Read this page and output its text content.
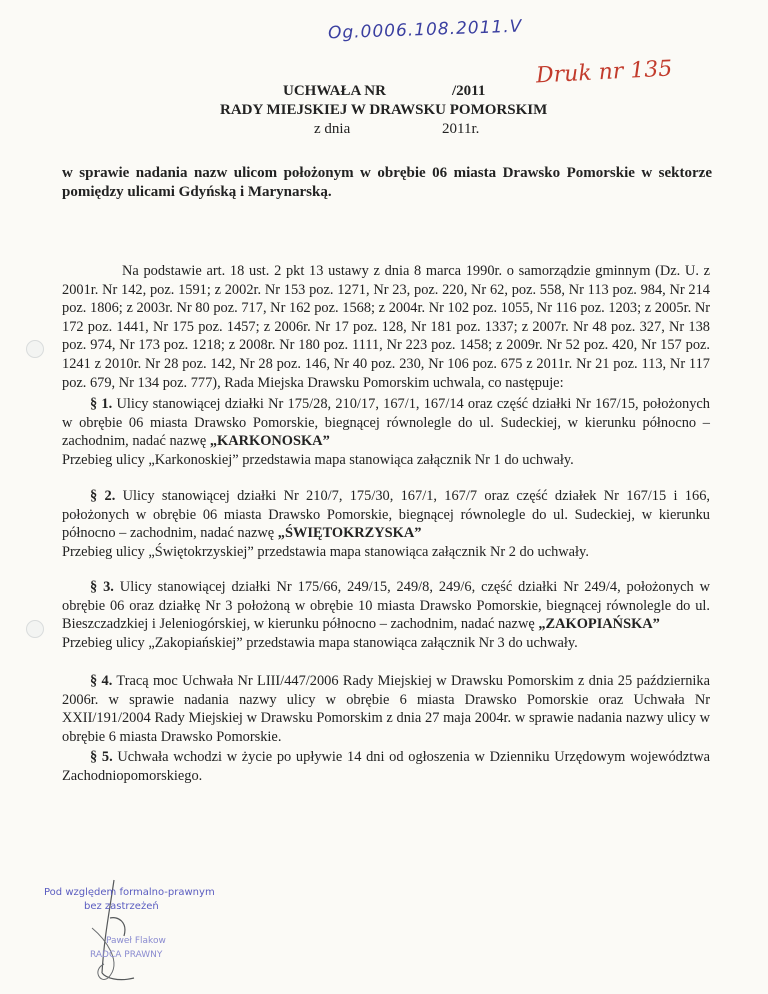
Og.0006.108.2011.V
Druk nr 135
UCHWAŁA NR	/2011
RADY MIEJSKIEJ W DRAWSKU POMORSKIM
z dnia	2011r.
w sprawie nadania nazw ulicom położonym w obrębie 06 miasta Drawsko Pomorskie w sektorze pomiędzy ulicami Gdyńską i Marynarską.
Na podstawie art. 18 ust. 2 pkt 13 ustawy z dnia 8 marca 1990r. o samorządzie gminnym (Dz. U. z 2001r. Nr 142, poz. 1591; z 2002r. Nr 153 poz. 1271, Nr 23, poz. 220, Nr 62, poz. 558, Nr 113 poz. 984, Nr 214 poz. 1806; z 2003r. Nr 80 poz. 717, Nr 162 poz. 1568; z 2004r. Nr 102 poz. 1055, Nr 116 poz. 1203; z 2005r. Nr 172 poz. 1441, Nr 175 poz. 1457; z 2006r. Nr 17 poz. 128, Nr 181 poz. 1337; z 2007r. Nr 48 poz. 327, Nr 138 poz. 974, Nr 173 poz. 1218; z 2008r. Nr 180 poz. 1111, Nr 223 poz. 1458; z 2009r. Nr 52 poz. 420, Nr 157 poz. 1241 z 2010r. Nr 28 poz. 142, Nr 28 poz. 146, Nr 40 poz. 230, Nr 106 poz. 675 z 2011r. Nr 21 poz. 113, Nr 117 poz. 679, Nr 134 poz. 777), Rada Miejska Drawsku Pomorskim uchwala, co następuje:
§ 1. Ulicy stanowiącej działki Nr 175/28, 210/17, 167/1, 167/14 oraz część działki Nr 167/15, położonych w obrębie 06 miasta Drawsko Pomorskie, biegnącej równolegle do ul. Sudeckiej, w kierunku północno – zachodnim, nadać nazwę „KARKONOSKA”
Przebieg ulicy „Karkonoskiej” przedstawia mapa stanowiąca załącznik Nr 1 do uchwały.
§ 2. Ulicy stanowiącej działki Nr 210/7, 175/30, 167/1, 167/7 oraz część działek Nr 167/15 i 166, położonych w obrębie 06 miasta Drawsko Pomorskie, biegnącej równolegle do ul. Sudeckiej, w kierunku północno – zachodnim, nadać nazwę „ŚWIĘTOKRZYSKA”
Przebieg ulicy „Świętokrzyskiej” przedstawia mapa stanowiąca załącznik Nr 2 do uchwały.
§ 3. Ulicy stanowiącej działki Nr 175/66, 249/15, 249/8, 249/6, część działki Nr 249/4, położonych w obrębie 06 oraz działkę Nr 3 położoną w obrębie 10 miasta Drawsko Pomorskie, biegnącej równolegle do ul. Bieszczadzkiej i Jeleniogórskiej, w kierunku północno – zachodnim, nadać nazwę „ZAKOPIAŃSKA”
Przebieg ulicy „Zakopiańskiej” przedstawia mapa stanowiąca załącznik Nr 3 do uchwały.
§ 4. Tracą moc Uchwała Nr LIII/447/2006 Rady Miejskiej w Drawsku Pomorskim z dnia 25 października 2006r. w sprawie nadania nazwy ulicy w obrębie 6 miasta Drawsko Pomorskie oraz Uchwała Nr XXII/191/2004 Rady Miejskiej w Drawsku Pomorskim z dnia 27 maja 2004r. w sprawie nadania nazwy ulicy w obrębie 6 miasta Drawsko Pomorskie.
§ 5. Uchwała wchodzi w życie po upływie 14 dni od ogłoszenia w Dzienniku Urzędowym województwa Zachodniopomorskiego.
Pod względem formalno-prawnym
bez zastrzeżeń
Paweł Flakow
RADCA PRAWNY
